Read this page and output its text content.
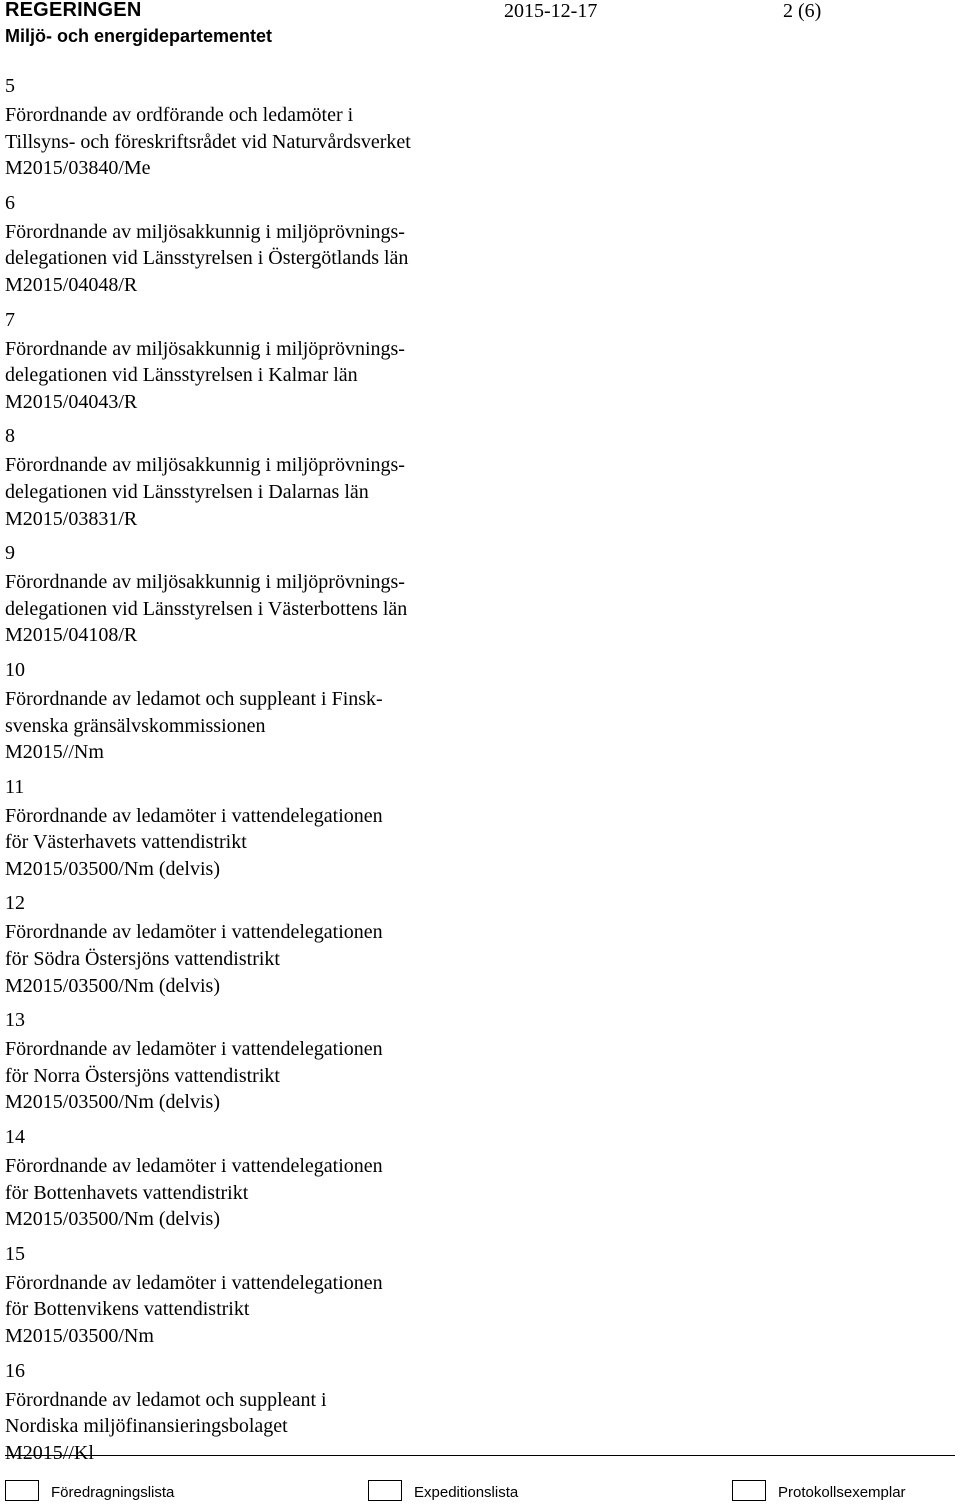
REGERINGEN
Miljö- och energidepartementet
2015-12-17	2 (6)
5
Förordnande av ordförande och ledamöter i
Tillsyns- och föreskriftsrådet vid Naturvårdsverket
M2015/03840/Me
6
Förordnande av miljösakkunnig i miljöprövnings-
delegationen vid Länsstyrelsen i Östergötlands län
M2015/04048/R
7
Förordnande av miljösakkunnig i miljöprövnings-
delegationen vid Länsstyrelsen i Kalmar län
M2015/04043/R
8
Förordnande av miljösakkunnig i miljöprövnings-
delegationen vid Länsstyrelsen i Dalarnas län
M2015/03831/R
9
Förordnande av miljösakkunnig i miljöprövnings-
delegationen vid Länsstyrelsen i Västerbottens län
M2015/04108/R
10
Förordnande av ledamot och suppleant i Finsk-
svenska gränsälvskommissionen
M2015//Nm
11
Förordnande av ledamöter i vattendelegationen
för Västerhavets vattendistrikt
M2015/03500/Nm (delvis)
12
Förordnande av ledamöter i vattendelegationen
för Södra Östersjöns vattendistrikt
M2015/03500/Nm (delvis)
13
Förordnande av ledamöter i vattendelegationen
för Norra Östersjöns vattendistrikt
M2015/03500/Nm (delvis)
14
Förordnande av ledamöter i vattendelegationen
för Bottenhavets vattendistrikt
M2015/03500/Nm (delvis)
15
Förordnande av ledamöter i vattendelegationen
för Bottenvikens vattendistrikt
M2015/03500/Nm
16
Förordnande av ledamot och suppleant i
Nordiska miljöfinansieringsbolaget
M2015//Kl
Föredragningslista	Expeditionslista	Protokollsexemplar
